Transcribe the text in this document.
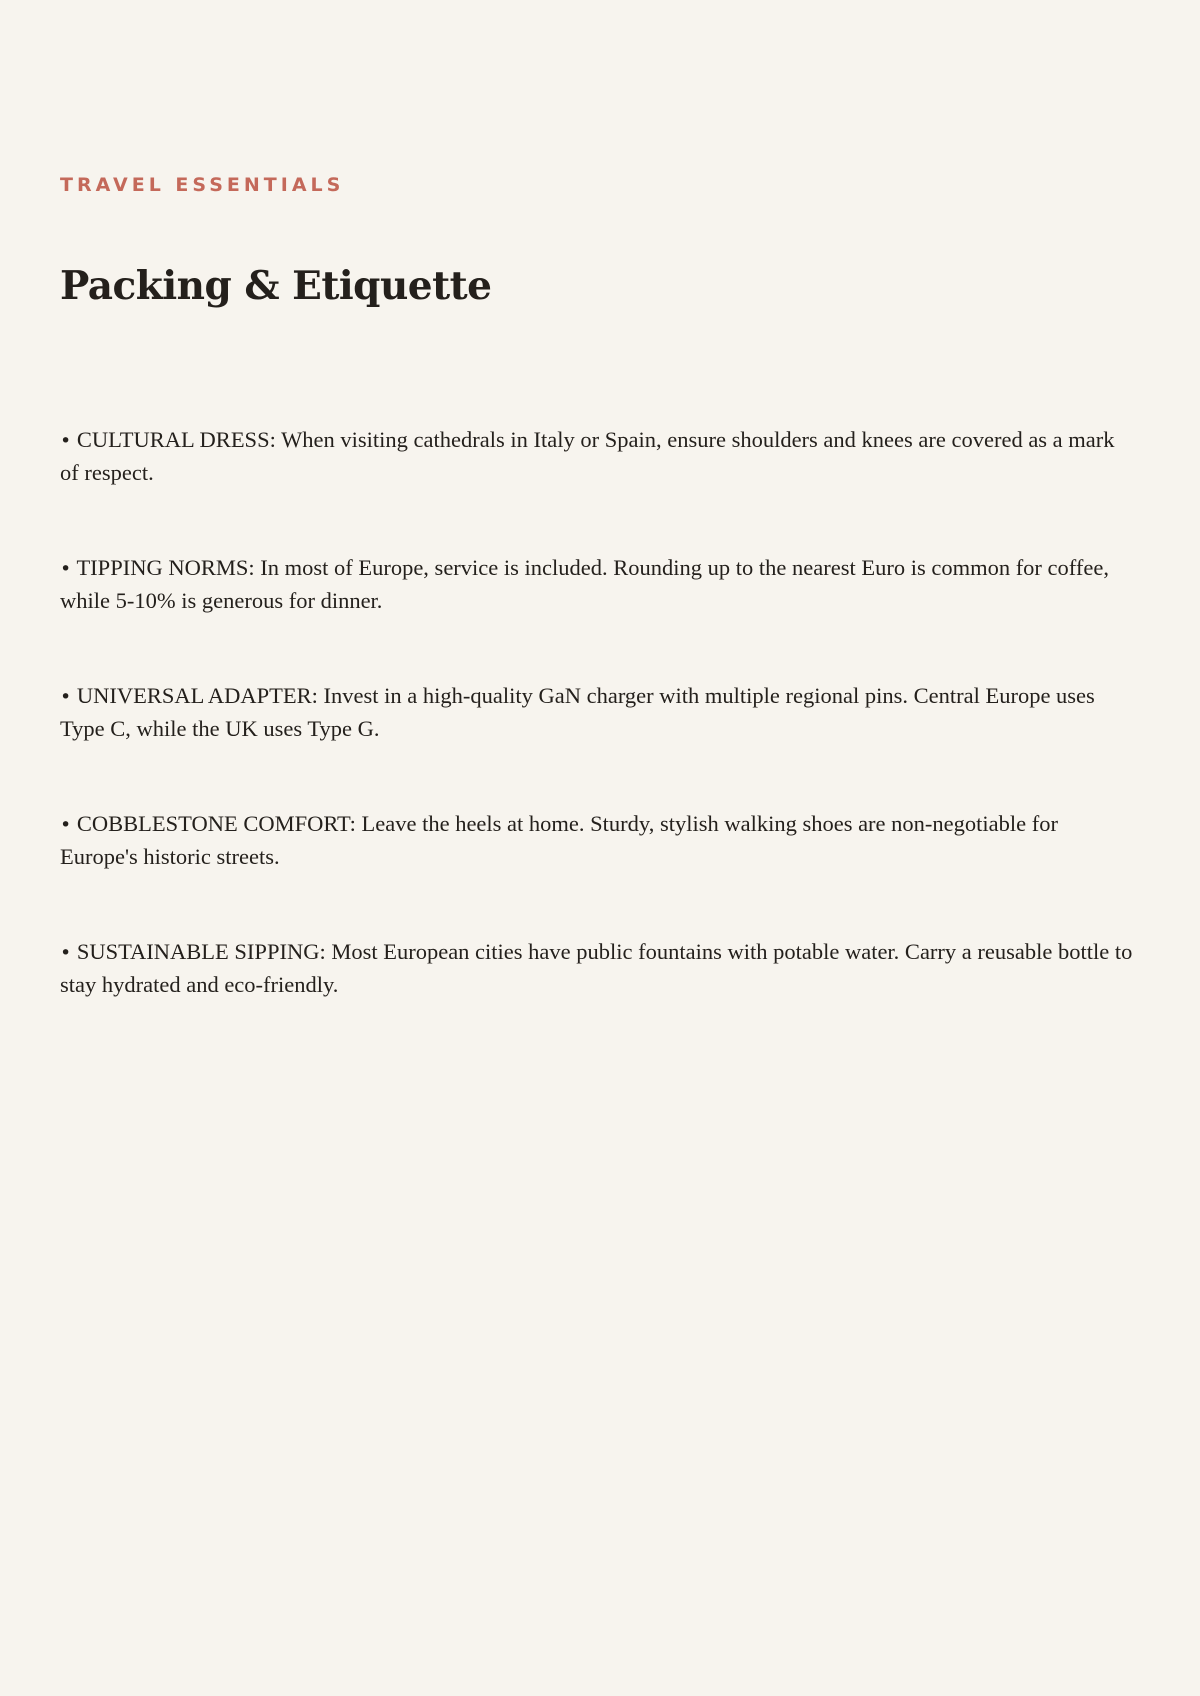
TRAVEL ESSENTIALS

Packing & Etiquette
• CULTURAL DRESS: When visiting cathedrals in Italy or Spain, ensure shoulders and knees are covered as a mark of respect.
• TIPPING NORMS: In most of Europe, service is included. Rounding up to the nearest Euro is common for coffee, while 5-10% is generous for dinner.
• UNIVERSAL ADAPTER: Invest in a high-quality GaN charger with multiple regional pins. Central Europe uses Type C, while the UK uses Type G.
• COBBLESTONE COMFORT: Leave the heels at home. Sturdy, stylish walking shoes are non-negotiable for Europe's historic streets.
• SUSTAINABLE SIPPING: Most European cities have public fountains with potable water. Carry a reusable bottle to stay hydrated and eco-friendly.
